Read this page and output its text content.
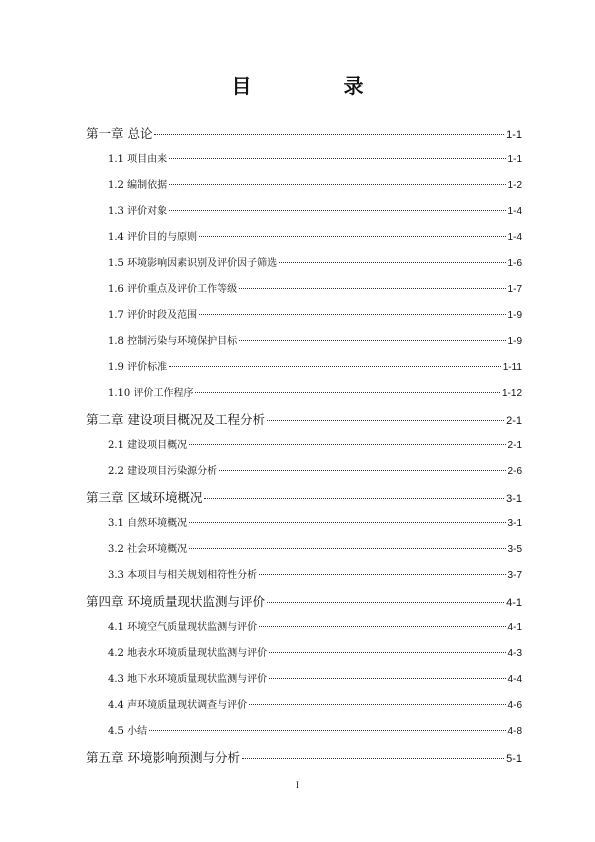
目　录
第一章 总论	1-1
1.1 项目由来	1-1
1.2 编制依据	1-2
1.3 评价对象	1-4
1.4 评价目的与原则	1-4
1.5 环境影响因素识别及评价因子筛选	1-6
1.6 评价重点及评价工作等级	1-7
1.7 评价时段及范围	1-9
1.8 控制污染与环境保护目标	1-9
1.9 评价标准	1-11
1.10 评价工作程序	1-12
第二章 建设项目概况及工程分析	2-1
2.1 建设项目概况	2-1
2.2 建设项目污染源分析	2-6
第三章 区域环境概况	3-1
3.1 自然环境概况	3-1
3.2 社会环境概况	3-5
3.3 本项目与相关规划相符性分析	3-7
第四章 环境质量现状监测与评价	4-1
4.1 环境空气质量现状监测与评价	4-1
4.2 地表水环境质量现状监测与评价	4-3
4.3 地下水环境质量现状监测与评价	4-4
4.4 声环境质量现状调查与评价	4-6
4.5 小结	4-8
第五章 环境影响预测与分析	5-1
I
